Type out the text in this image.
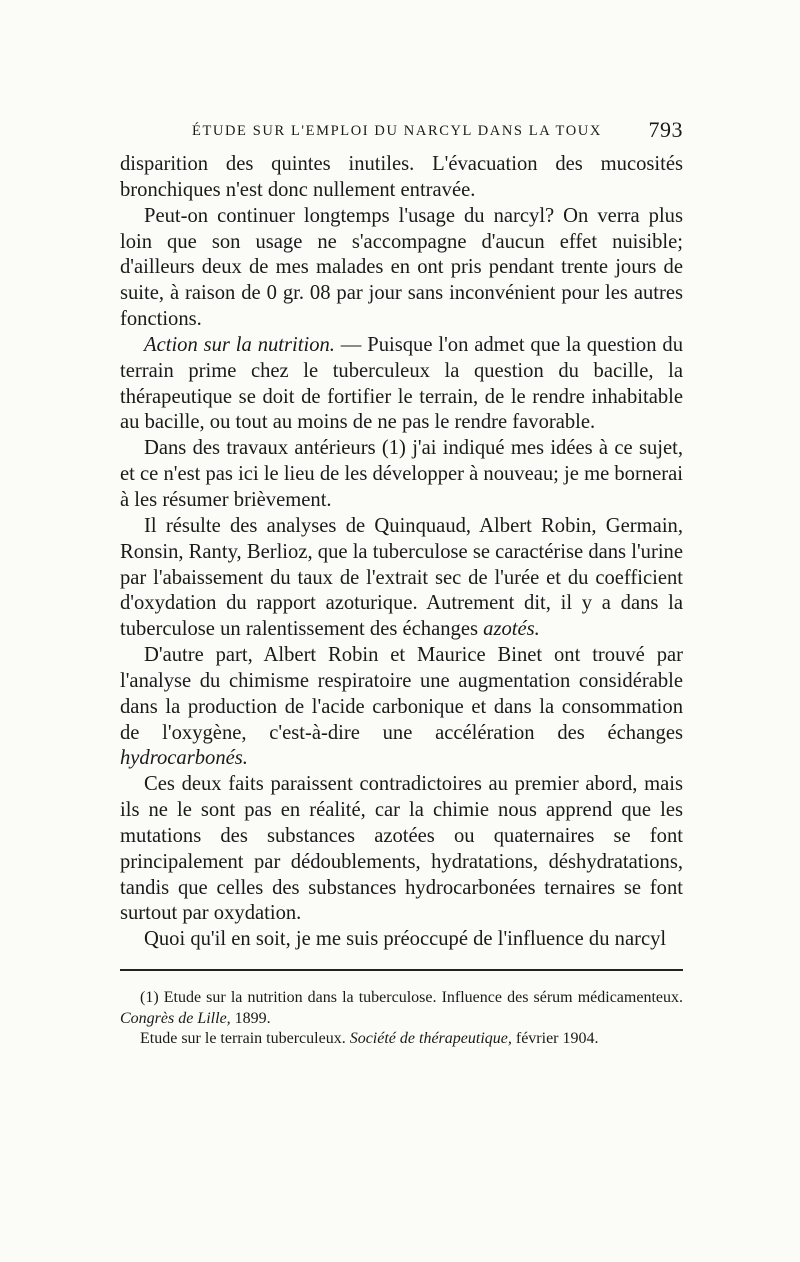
ÉTUDE SUR L'EMPLOI DU NARCYL DANS LA TOUX 793

disparition des quintes inutiles. L'évacuation des mucosités bronchiques n'est donc nullement entravée.

Peut-on continuer longtemps l'usage du narcyl? On verra plus loin que son usage ne s'accompagne d'aucun effet nuisible; d'ailleurs deux de mes malades en ont pris pendant trente jours de suite, à raison de 0 gr. 08 par jour sans inconvénient pour les autres fonctions.

Action sur la nutrition. — Puisque l'on admet que la question du terrain prime chez le tuberculeux la question du bacille, la thérapeutique se doit de fortifier le terrain, de le rendre inhabitable au bacille, ou tout au moins de ne pas le rendre favorable.

Dans des travaux antérieurs (1) j'ai indiqué mes idées à ce sujet, et ce n'est pas ici le lieu de les développer à nouveau; je me bornerai à les résumer brièvement.

Il résulte des analyses de Quinquaud, Albert Robin, Germain, Ronsin, Ranty, Berlioz, que la tuberculose se caractérise dans l'urine par l'abaissement du taux de l'extrait sec de l'urée et du coefficient d'oxydation du rapport azoturique. Autrement dit, il y a dans la tuberculose un ralentissement des échanges azotés.

D'autre part, Albert Robin et Maurice Binet ont trouvé par l'analyse du chimisme respiratoire une augmentation considérable dans la production de l'acide carbonique et dans la consommation de l'oxygène, c'est-à-dire une accélération des échanges hydrocarbonés.

Ces deux faits paraissent contradictoires au premier abord, mais ils ne le sont pas en réalité, car la chimie nous apprend que les mutations des substances azotées ou quaternaires se font principalement par dédoublements, hydratations, déshydratations, tandis que celles des substances hydrocarbonées ternaires se font surtout par oxydation.

Quoi qu'il en soit, je me suis préoccupé de l'influence du narcyl

(1) Etude sur la nutrition dans la tuberculose. Influence des sérum médicamenteux. Congrès de Lille, 1899.

Etude sur le terrain tuberculeux. Société de thérapeutique, février 1904.
